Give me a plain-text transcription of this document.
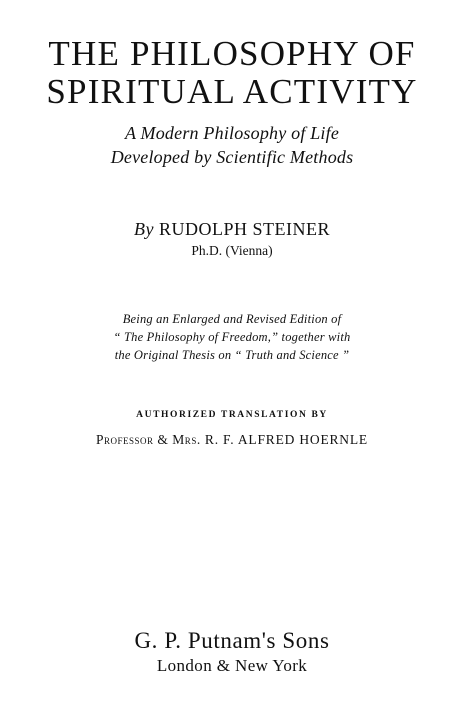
THE PHILOSOPHY OF
SPIRITUAL ACTIVITY
A Modern Philosophy of Life
Developed by Scientific Methods
By RUDOLPH STEINER
Ph.D. (Vienna)
Being an Enlarged and Revised Edition of
“ The Philosophy of Freedom,” together with
the Original Thesis on “ Truth and Science ”
AUTHORIZED TRANSLATION BY
Professor & Mrs. R. F. ALFRED HOERNLE
G. P. Putnam's Sons
London & New York
